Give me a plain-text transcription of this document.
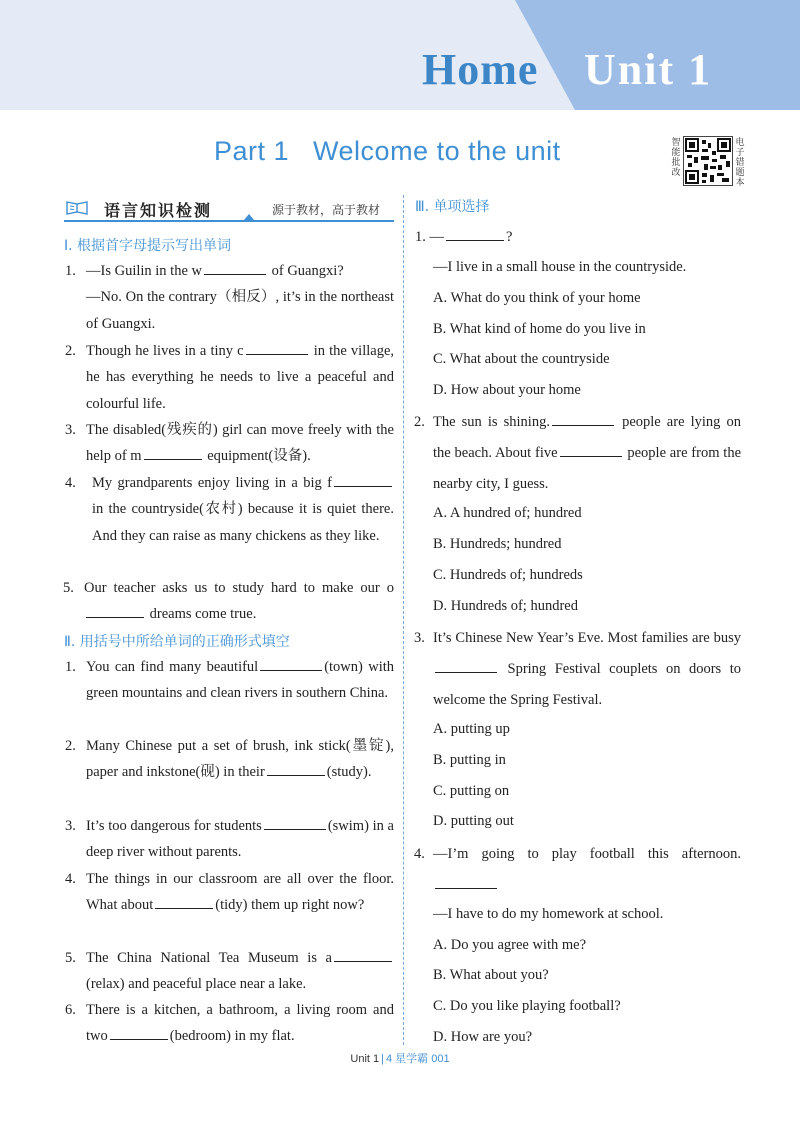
Home Unit 1
Part 1   Welcome to the unit	智能批改
电子错题本
语言知识检测	源于教材，高于教材
Ⅰ. 根据首字母提示写出单词
1. —Is Guilin in the w	of Guangxi?
—No. On the contrary（相反）, it’s in the northeast of Guangxi.
2. Though he lives in a tiny c	in the village, he has everything he needs to live a peaceful and colourful life.
3. The disabled(残疾的) girl can move freely with the help of m	equipment(设备).
4. My grandparents enjoy living in a big f in the countryside(农村) because it is quiet there. And they can raise as many chickens as they like.
5. Our teacher asks us to study hard to make our o dreams come true.
Ⅱ. 用括号中所给单词的正确形式填空
1. You can find many beautiful	(town) with green mountains and clean rivers in southern China.
2. Many Chinese put a set of brush, ink stick(墨锭), paper and inkstone(砚) in their	(study).
3. It’s too dangerous for students	(swim) in a deep river without parents.
4. The things in our classroom are all over the floor. What about	(tidy) them up right now?
5. The China National Tea Museum is a(relax) and peaceful place near a lake.
6. There is a kitchen, a bathroom, a living room and two	(bedroom) in my flat.
Ⅲ. 单项选择
1. —	?
—I live in a small house in the countryside.
A. What do you think of your home
B. What kind of home do you live in
C. What about the countryside
D. How about your home
2. The sun is shining.	people are lying on the beach. About five	people are from the nearby city, I guess.
A. A hundred of; hundred
B. Hundreds; hundred
C. Hundreds of; hundreds
D. Hundreds of; hundred
3. It’s Chinese New Year’s Eve. Most families are busy Spring Festival couplets on doors to welcome the Spring Festival.
A. putting up
B. putting in
C. putting on
D. putting out
4. —I’m going to play football this afternoon.
—I have to do my homework at school.
A. Do you agree with me?
B. What about you?
C. Do you like playing football?
D. How are you?
Unit 1 | 4 星学霸 001
